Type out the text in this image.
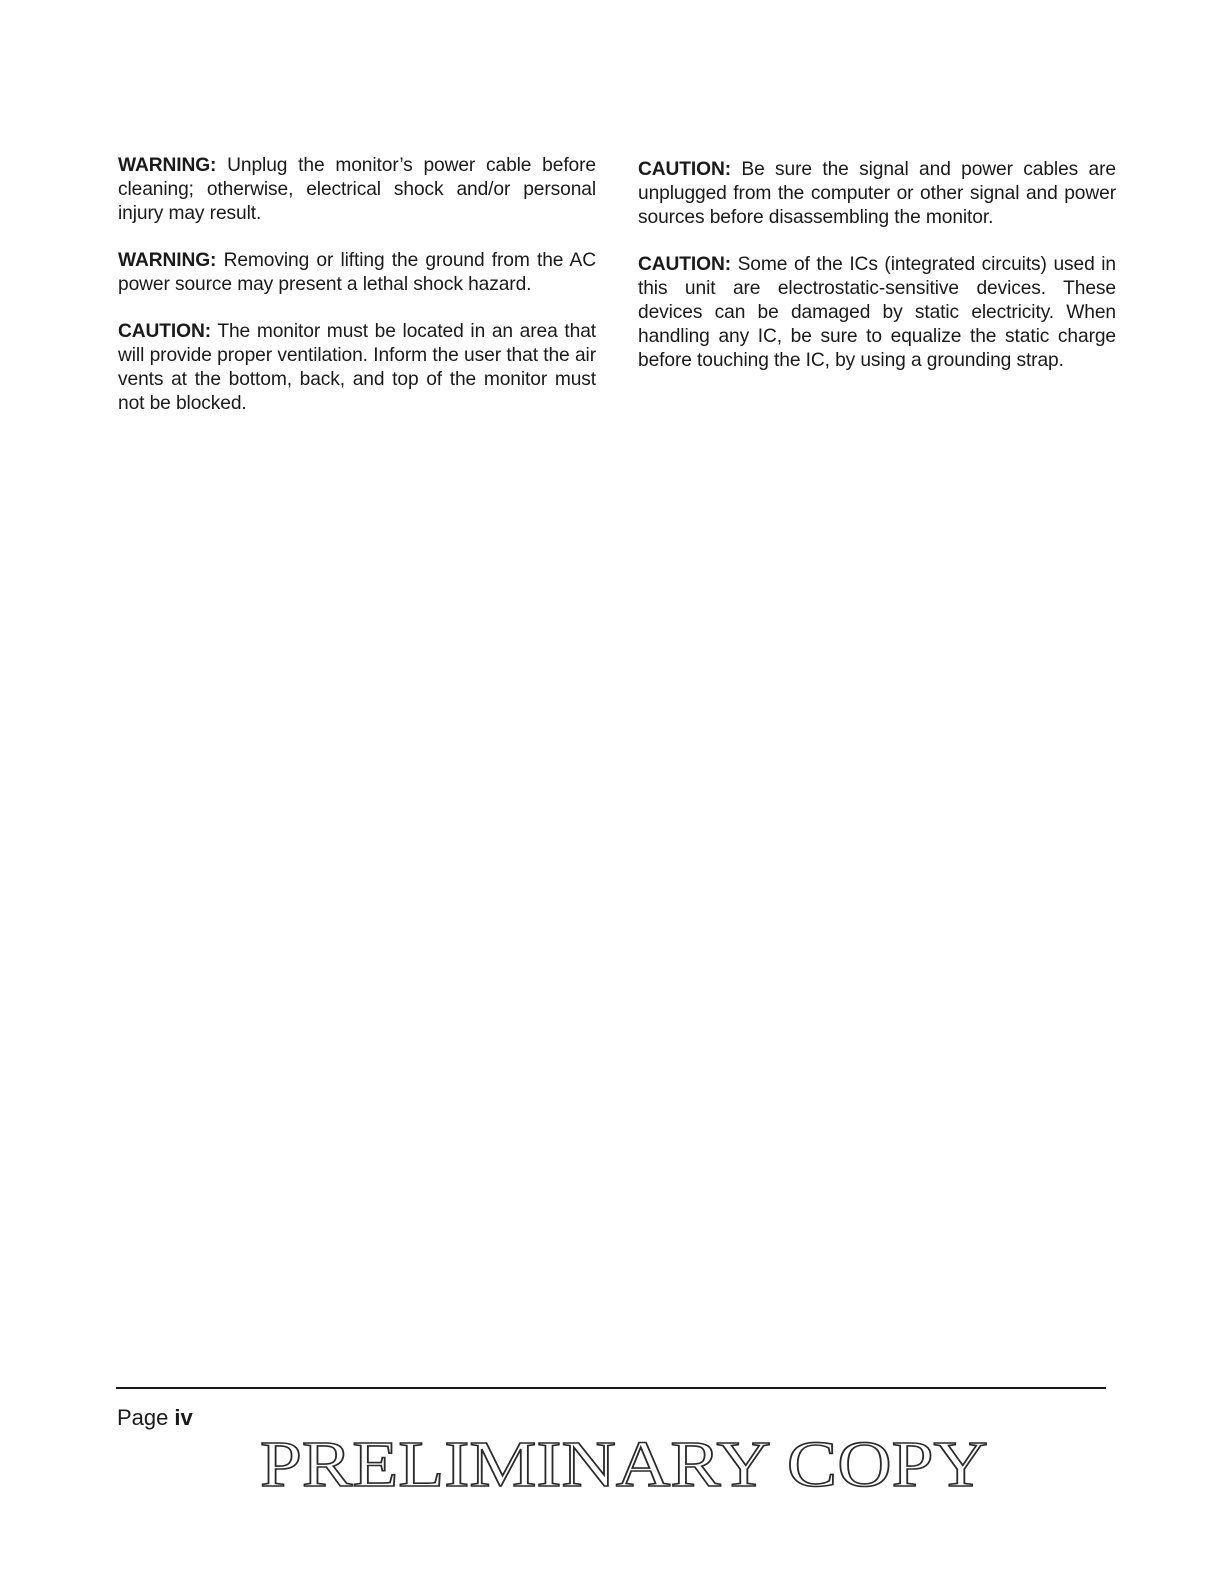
WARNING: Unplug the monitor’s power cable before cleaning; otherwise, electrical shock and/or personal injury may result.

WARNING: Removing or lifting the ground from the AC power source may present a lethal shock hazard.

CAUTION: The monitor must be located in an area that will provide proper ventilation. Inform the user that the air vents at the bottom, back, and top of the monitor must not be blocked.

CAUTION: Be sure the signal and power cables are unplugged from the computer or other signal and power sources before disassembling the monitor.

CAUTION: Some of the ICs (integrated circuits) used in this unit are electrostatic-sensitive devices. These devices can be damaged by static electricity. When handling any IC, be sure to equalize the static charge before touching the IC, by using a grounding strap.

Page iv
PRELIMINARY COPY
